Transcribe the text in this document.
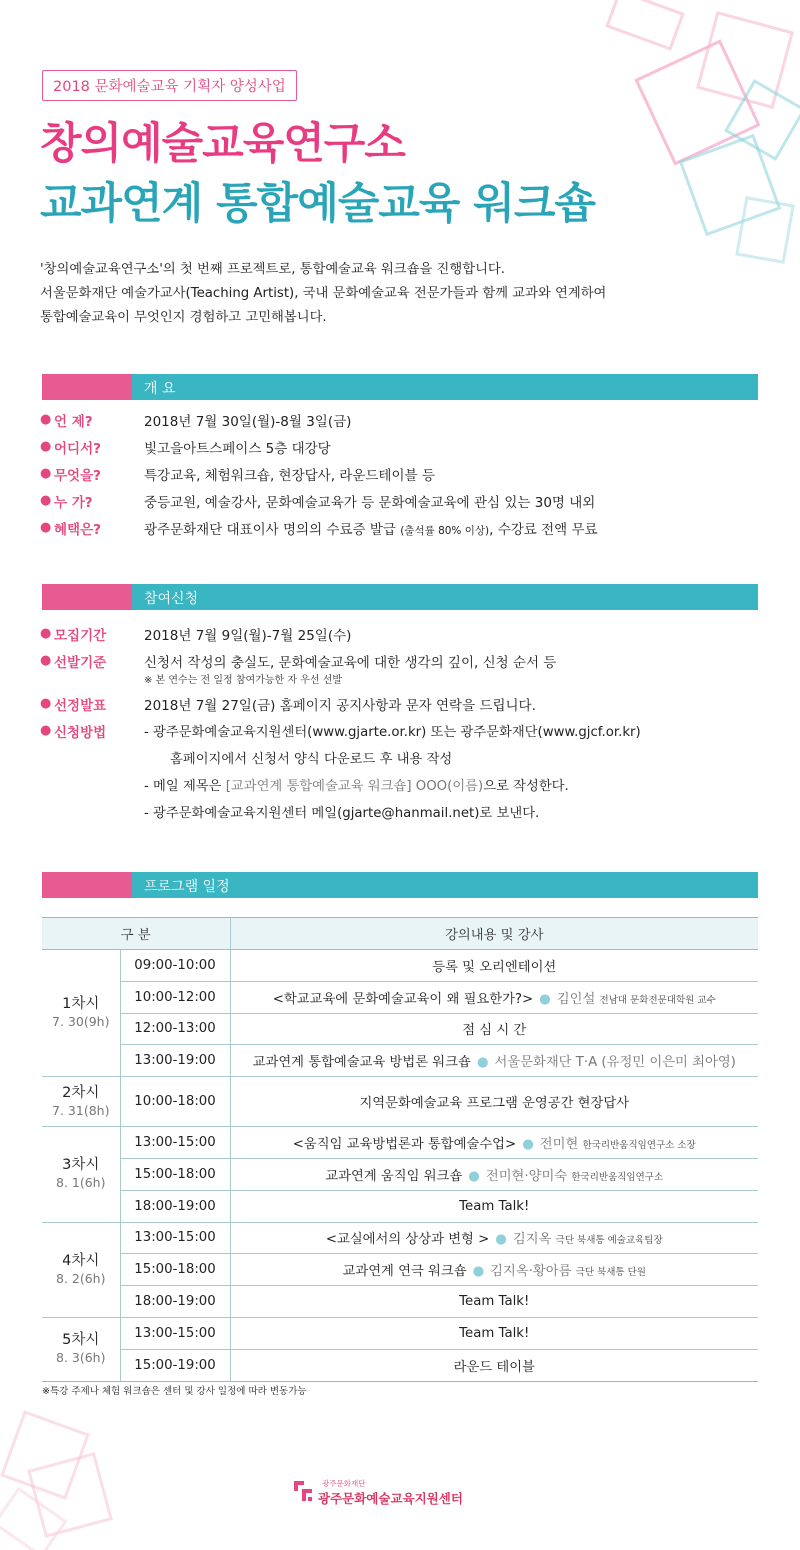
2018 문화예술교육 기획자 양성사업
창의예술교육연구소
교과연계 통합예술교육 워크숍
'창의예술교육연구소'의 첫 번째 프로젝트로, 통합예술교육 워크숍을 진행합니다.
서울문화재단 예술가교사(Teaching Artist), 국내 문화예술교육 전문가들과 함께 교과와 연계하여
통합예술교육이 무엇인지 경험하고 고민해봅니다.
개 요
● 언 제?	2018년 7월 30일(월)-8월 3일(금)
● 어디서?	빛고을아트스페이스 5층 대강당
● 무엇을?	특강교육, 체험워크숍, 현장답사, 라운드테이블 등
● 누 가?	중등교원, 예술강사, 문화예술교육가 등 문화예술교육에 관심 있는 30명 내외
● 혜택은?	광주문화재단 대표이사 명의의 수료증 발급 (출석률 80% 이상), 수강료 전액 무료
참여신청
● 모집기간	2018년 7월 9일(월)-7월 25일(수)
● 선발기준	신청서 작성의 충실도, 문화예술교육에 대한 생각의 깊이, 신청 순서 등
※ 본 연수는 전 일정 참여가능한 자 우선 선발
● 선정발표	2018년 7월 27일(금) 홈페이지 공지사항과 문자 연락을 드립니다.
● 신청방법	- 광주문화예술교육지원센터(www.gjarte.or.kr) 또는 광주문화재단(www.gjcf.or.kr)
홈페이지에서 신청서 양식 다운로드 후 내용 작성
- 메일 제목은 [교과연계 통합예술교육 워크숍] OOO(이름)으로 작성한다.
- 광주문화예술교육지원센터 메일(gjarte@hanmail.net)로 보낸다.
프로그램 일정
구 분		강의내용 및 강사

1차시
7. 30(9h)	09:00-10:00	등록 및 오리엔테이션
	10:00-12:00	<학교교육에 문화예술교육이 왜 필요한가?> ● 김인설 전남대 문화전문대학원 교수
	12:00-13:00	점 심 시 간
	13:00-19:00	교과연계 통합예술교육 방법론 워크숍 ● 서울문화재단 T·A (유정민 이은미 최아영)

2차시
7. 31(8h)	10:00-18:00	지역문화예술교육 프로그램 운영공간 현장답사

3차시
8. 1(6h)	13:00-15:00	<움직임 교육방법론과 통합예술수업> ● 전미현 한국리반움직임연구소 소장
	15:00-18:00	교과연계 움직임 워크숍 ● 전미현·양미숙 한국리반움직임연구소
	18:00-19:00	Team Talk!

4차시
8. 2(6h)	13:00-15:00	<교실에서의 상상과 변형 > ● 김지옥 극단 북새통 예술교육팀장
	15:00-18:00	교과연계 연극 워크숍 ● 김지옥·황아름 극단 북새통 단원
	18:00-19:00	Team Talk!

5차시
8. 3(6h)	13:00-15:00	Team Talk!
	15:00-19:00	라운드 테이블
※특강 주제나 체험 워크숍은 센터 및 강사 일정에 따라 변동가능
광주문화재단
광주문화예술교육지원센터
